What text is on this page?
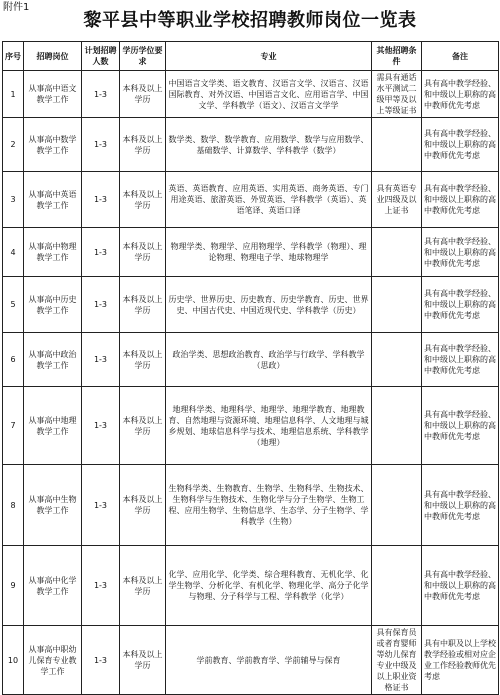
附件1
黎平县中等职业学校招聘教师岗位一览表
序号	招聘岗位	计划招聘人数	学历学位要求	专业	其他招聘条件	备注
1	从事高中语文教学工作	1-3	本科及以上学历	中国语言文学类、语文教育、汉语言文学、汉语言、汉语国际教育、对外汉语、中国语言文化、应用语言学、中国文学、学科教学（语文）、汉语言文学学	需具有通话水平测试二级甲等及以上等级证书	具有高中教学经验、和中级以上职称的高中教师优先考虑
2	从事高中数学教学工作	1-3	本科及以上学历	数学类、数学、数学教育、应用数学、数学与应用数学、基础数学、计算数学、学科教学（数学）		具有高中教学经验、和中级以上职称的高中教师优先考虑
3	从事高中英语教学工作	1-3	本科及以上学历	英语、英语教育、应用英语、实用英语、商务英语、专门用途英语、旅游英语、外贸英语、学科教学（英语）、英语笔译、英语口译	具有英语专业四级及以上证书	具有高中教学经验、和中级以上职称的高中教师优先考虑
4	从事高中物理教学工作	1-3	本科及以上学历	物理学类、物理学、应用物理学、学科教学（物理）、理论物理、物理电子学、地球物理学		具有高中教学经验、和中级以上职称的高中教师优先考虑
5	从事高中历史教学工作	1-3	本科及以上学历	历史学、世界历史、历史教育、历史学教育、历史、世界史、中国古代史、中国近现代史、学科教学（历史）		具有高中教学经验、和中级以上职称的高中教师优先考虑
6	从事高中政治教学工作	1-3	本科及以上学历	政治学类、思想政治教育、政治学与行政学、学科教学（思政）		具有高中教学经验、和中级以上职称的高中教师优先考虑
7	从事高中地理教学工作	1-3	本科及以上学历	地理科学类、地理科学、地理学、地理学教育、地理教育、自然地理与资源环境、地理信息科学、人文地理与城乡规划、地球信息科学与技术、地理信息系统、学科教学（地理）		具有高中教学经验、和中级以上职称的高中教师优先考虑
8	从事高中生物教学工作	1-3	本科及以上学历	生物科学类、生物教育、生物学、生物科学、生物技术、生物科学与生物技术、生物化学与分子生物学、生物工程、应用生物学、生物信息学、生态学、分子生物学、学科教学（生物）		具有高中教学经验、和中级以上职称的高中教师优先考虑
9	从事高中化学教学工作	1-3	本科及以上学历	化学、应用化学、化学类、综合理科教育、无机化学、化学生物学、分析化学、有机化学、物理化学、高分子化学与物理、分子科学与工程、学科教学（化学）		具有高中教学经验、和中级以上职称的高中教师优先考虑
10	从事高中职幼儿保育专业教学工作	1-3	本科及以上学历	学前教育、学前教育学、学前辅导与保育	具有保育员或者育婴师等幼儿保育专业中级及以上职业资格证书	具有中职及以上学校教学经验或相对应企业工作经验教师优先考虑
